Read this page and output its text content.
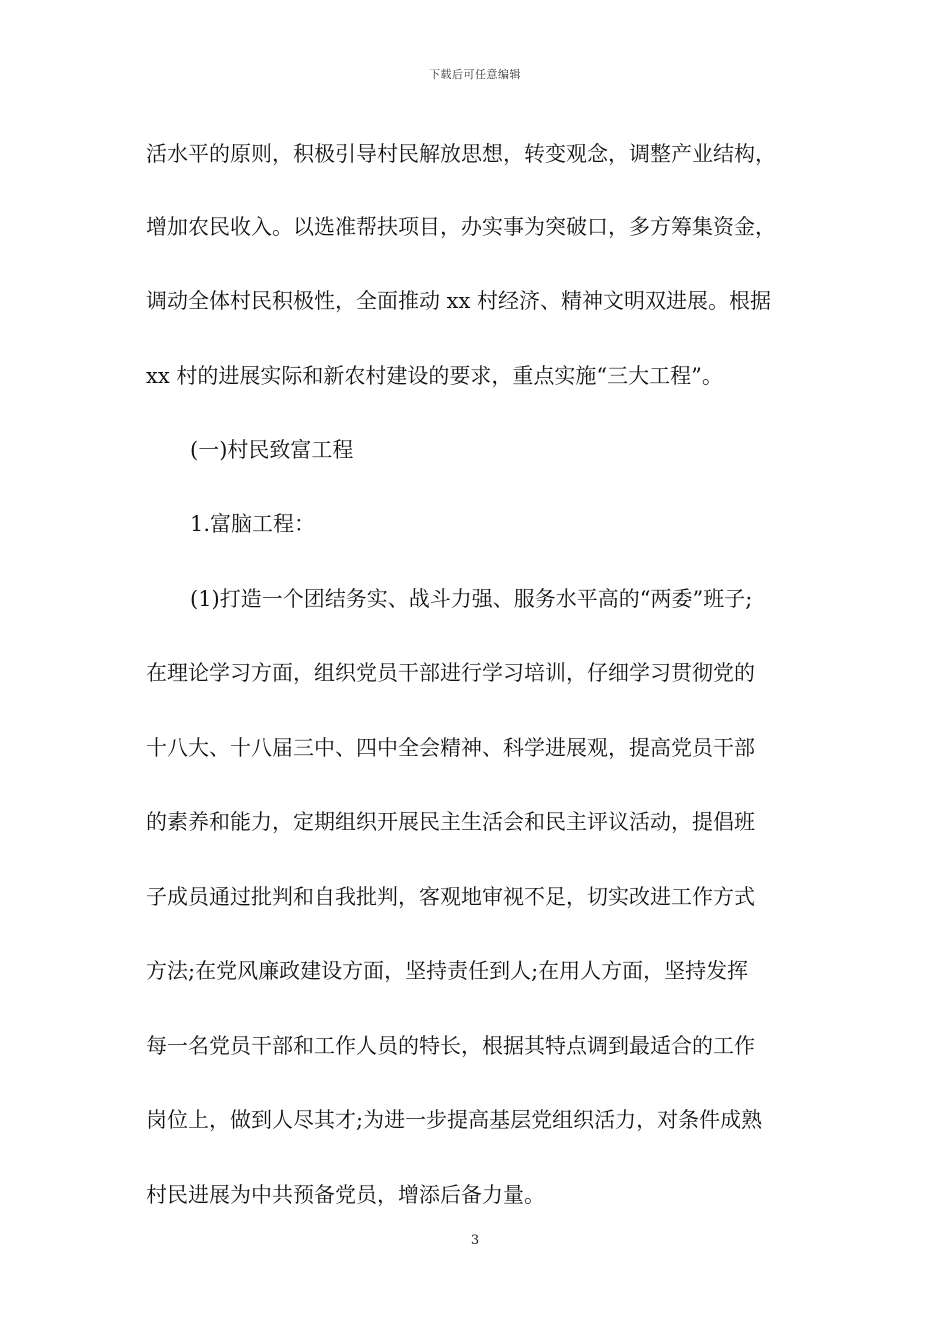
下载后可任意编辑
活水平的原则，积极引导村民解放思想，转变观念，调整产业结构，
增加农民收入。以选准帮扶项目，办实事为突破口，多方筹集资金，
调动全体村民积极性，全面推动 xx 村经济、精神文明双进展。根据
xx 村的进展实际和新农村建设的要求，重点实施“三大工程”。
(一)村民致富工程
1.富脑工程：
(1)打造一个团结务实、战斗力强、服务水平高的“两委”班子;
在理论学习方面，组织党员干部进行学习培训，仔细学习贯彻党的
十八大、十八届三中、四中全会精神、科学进展观，提高党员干部
的素养和能力，定期组织开展民主生活会和民主评议活动，提倡班
子成员通过批判和自我批判，客观地审视不足，切实改进工作方式
方法;在党风廉政建设方面，坚持责任到人;在用人方面，坚持发挥
每一名党员干部和工作人员的特长，根据其特点调到最适合的工作
岗位上，做到人尽其才;为进一步提高基层党组织活力，对条件成熟
村民进展为中共预备党员，增添后备力量。
3
